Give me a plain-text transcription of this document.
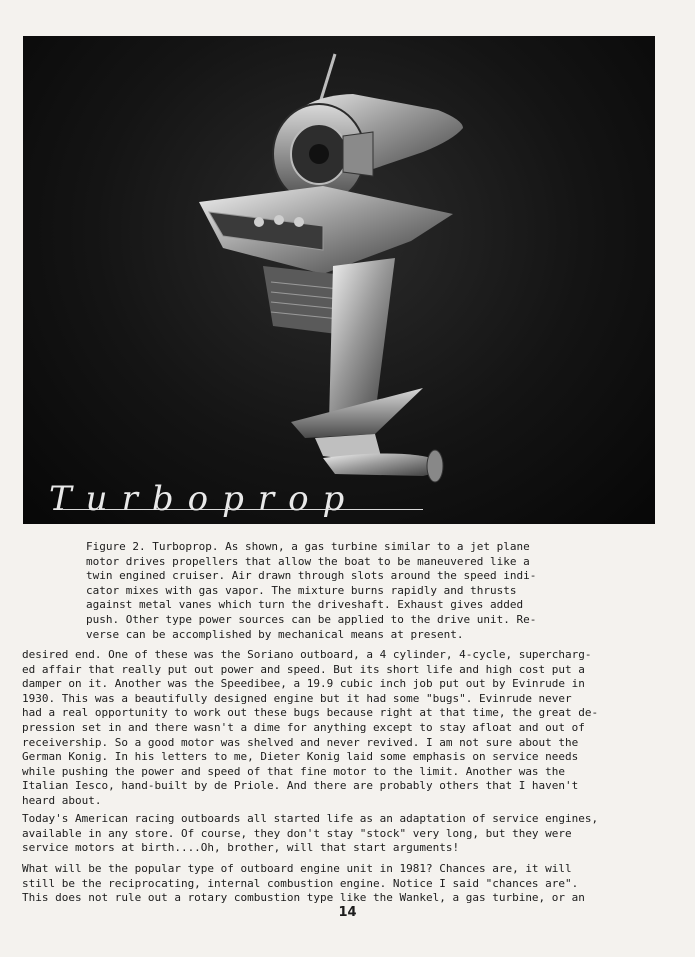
Turboprop

Figure 2. Turboprop. As shown, a gas turbine similar to a jet plane
motor drives propellers that allow the boat to be maneuvered like a
twin engined cruiser. Air drawn through slots around the speed indi-
cator mixes with gas vapor. The mixture burns rapidly and thrusts
against metal vanes which turn the driveshaft. Exhaust gives added
push. Other type power sources can be applied to the drive unit. Re-
verse can be accomplished by mechanical means at present.

desired end. One of these was the Soriano outboard, a 4 cylinder, 4-cycle, supercharg-
ed affair that really put out power and speed. But its short life and high cost put a
damper on it. Another was the Speedibee, a 19.9 cubic inch job put out by Evinrude in
1930. This was a beautifully designed engine but it had some "bugs". Evinrude never
had a real opportunity to work out these bugs because right at that time, the great de-
pression set in and there wasn't a dime for anything except to stay afloat and out of
receivership. So a good motor was shelved and never revived. I am not sure about the
German Konig. In his letters to me, Dieter Konig laid some emphasis on service needs
while pushing the power and speed of that fine motor to the limit. Another was the
Italian Iesco, hand-built by de Priole. And there are probably others that I haven't
heard about.

Today's American racing outboards all started life as an adaptation of service engines,
available in any store. Of course, they don't stay "stock" very long, but they were
service motors at birth....Oh, brother, will that start arguments!

What will be the popular type of outboard engine unit in 1981? Chances are, it will
still be the reciprocating, internal combustion engine. Notice I said "chances are".
This does not rule out a rotary combustion type like the Wankel, a gas turbine, or an

14
